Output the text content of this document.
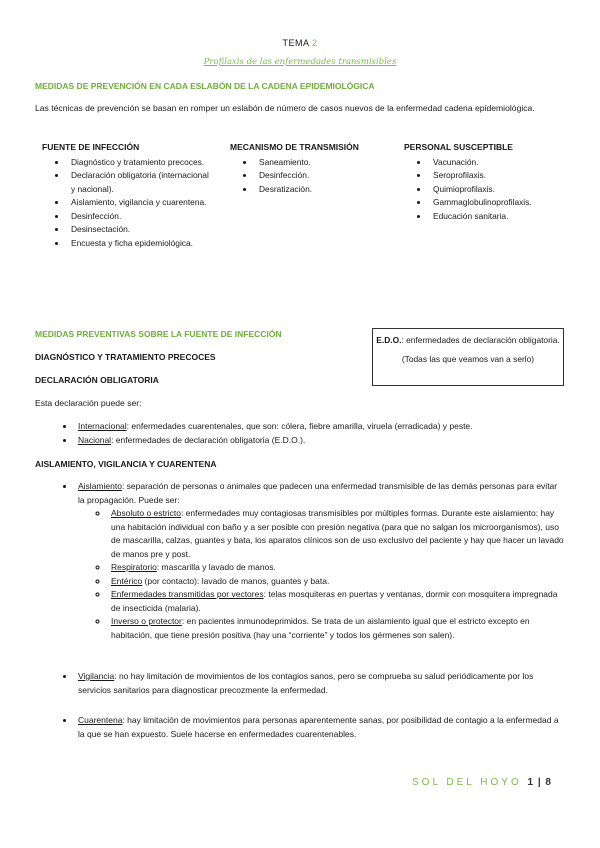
TEMA 2
Profilaxis de las enfermedades transmisibles
MEDIDAS DE PREVENCIÓN EN CADA ESLABÓN DE LA CADENA EPIDEMIOLÓGICA
Las técnicas de prevención se basan en romper un eslabón de número de casos nuevos de la enfermedad cadena epidemiológica.
FUENTE DE INFECCIÓN
• Diagnóstico y tratamiento precoces.
• Declaración obligatoria (internacional y nacional).
• Aislamiento, vigilancia y cuarentena.
• Desinfección.
• Desinsectación.
• Encuesta y ficha epidemiológica.
MECANISMO DE TRANSMISIÓN
• Saneamiento.
• Desinfección.
• Desratización.
PERSONAL SUSCEPTIBLE
• Vacunación.
• Seroprofilaxis.
• Quimioprofilaxis.
• Gammaglobulinoprofilaxis.
• Educación sanitaria.
MEDIDAS PREVENTIVAS SOBRE LA FUENTE DE INFECCIÓN
DIAGNÓSTICO Y TRATAMIENTO PRECOCES
DECLARACIÓN OBLIGATORIA

E.D.O.: enfermedades de declaración obligatoria.

(Todas las que veamos van a serlo)

Esta declaración puede ser:
• Internacional: enfermedades cuarentenales, que son: cólera, fiebre amarilla, viruela (erradicada) y peste.
• Nacional: enfermedades de declaración obligatoria (E.D.O.).
AISLAMIENTO, VIGILANCIA Y CUARENTENA
• Aislamiento: separación de personas o animales que padecen una enfermedad transmisible de las demás personas para evitar la propagación. Puede ser:
◦ Absoluto o estricto: enfermedades muy contagiosas transmisibles por múltiples formas. Durante este aislamiento: hay una habitación individual con baño y a ser posible con presión negativa (para que no salgan los microorganismos), uso de mascarilla, calzas, guantes y bata, los aparatos clínicos son de uso exclusivo del paciente y hay que hacer un lavado de manos pre y post.
◦ Respiratorio: mascarilla y lavado de manos.
◦ Entérico (por contacto): lavado de manos, guantes y bata.
◦ Enfermedades transmitidas por vectores: telas mosquiteras en puertas y ventanas, dormir con mosquitera impregnada de insecticida (malaria).
◦ Inverso o protector: en pacientes inmunodeprimidos. Se trata de un aislamiento igual que el estricto excepto en habitación, que tiene presión positiva (hay una “corriente” y todos los gérmenes son salen).
• Vigilancia: no hay limitación de movimientos de los contagios sanos, pero se comprueba su salud periódicamente por los servicios sanitarios para diagnosticar precozmente la enfermedad.
• Cuarentena: hay limitación de movimientos para personas aparentemente sanas, por posibilidad de contagio a la enfermedad a la que se han expuesto. Suele hacerse en enfermedades cuarentenables.
SOL DEL HOYO 1 | 8
